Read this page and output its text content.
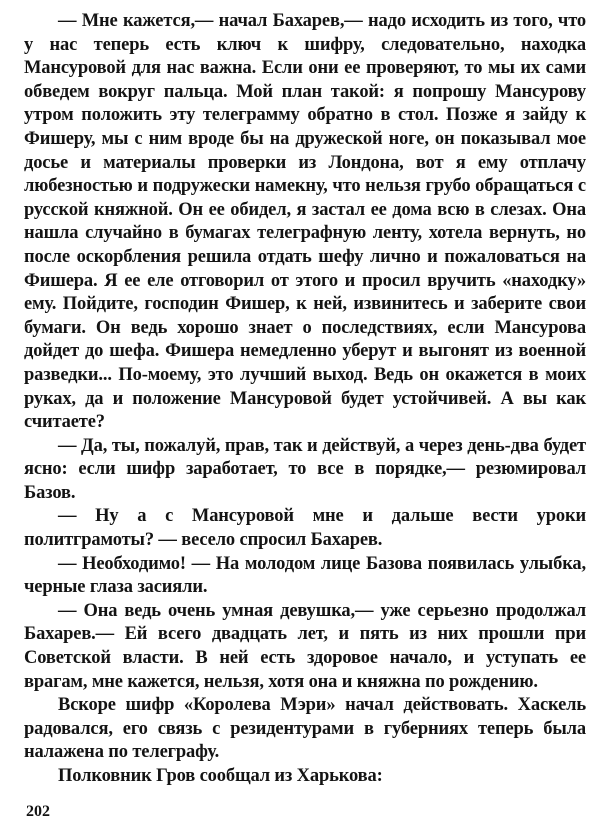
— Мне кажется,— начал Бахарев,— надо исходить из того, что у нас теперь есть ключ к шифру, следовательно, находка Мансуровой для нас важна. Если они ее проверяют, то мы их сами обведем вокруг пальца. Мой план такой: я попрошу Мансурову утром положить эту телеграмму обратно в стол. Позже я зайду к Фишеру, мы с ним вроде бы на дружеской ноге, он показывал мое досье и материалы проверки из Лондона, вот я ему отплачу любезностью и подружески намекну, что нельзя грубо обращаться с русской княжной. Он ее обидел, я застал ее дома всю в слезах. Она нашла случайно в бумагах телеграфную ленту, хотела вернуть, но после оскорбления решила отдать шефу лично и пожаловаться на Фишера. Я ее еле отговорил от этого и просил вручить «находку» ему. Пойдите, господин Фишер, к ней, извинитесь и заберите свои бумаги. Он ведь хорошо знает о последствиях, если Мансурова дойдет до шефа. Фишера немедленно уберут и выгонят из военной разведки... По-моему, это лучший выход. Ведь он окажется в моих руках, да и положение Мансуровой будет устойчивей. А вы как считаете?

— Да, ты, пожалуй, прав, так и действуй, а через день-два будет ясно: если шифр заработает, то все в порядке,— резюмировал Базов.

— Ну а с Мансуровой мне и дальше вести уроки политграмоты? — весело спросил Бахарев.

— Необходимо! — На молодом лице Базова появилась улыбка, черные глаза засияли.

— Она ведь очень умная девушка,— уже серьезно продолжал Бахарев.— Ей всего двадцать лет, и пять из них прошли при Советской власти. В ней есть здоровое начало, и уступать ее врагам, мне кажется, нельзя, хотя она и княжна по рождению.

Вскоре шифр «Королева Мэри» начал действовать. Хаскель радовался, его связь с резидентурами в губерниях теперь была налажена по телеграфу.

Полковник Гров сообщал из Харькова:

202
